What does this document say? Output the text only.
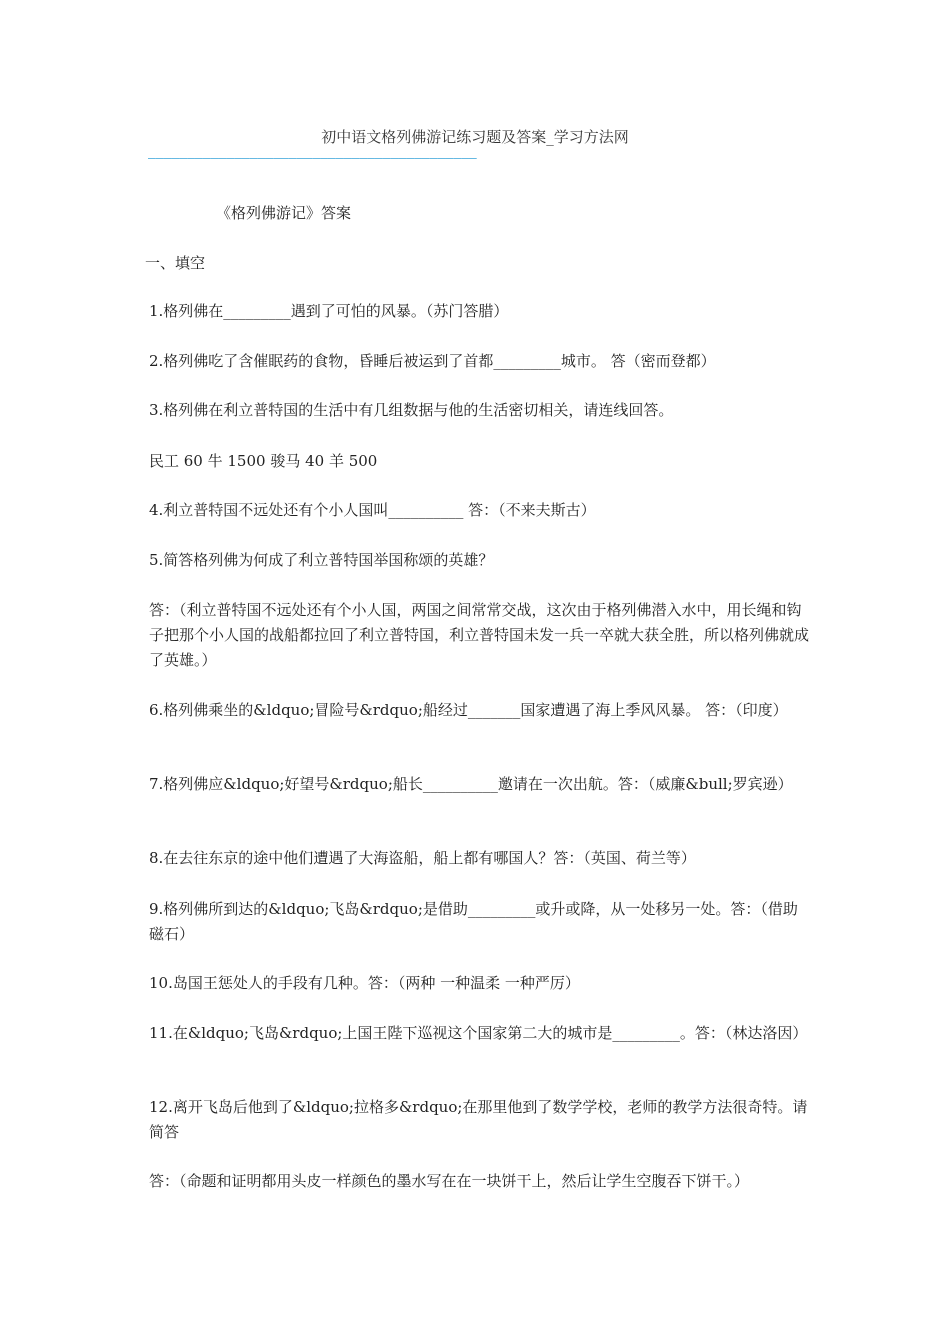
初中语文格列佛游记练习题及答案_学习方法网
——————————————————————————————————————————
《格列佛游记》答案
一、填空
1.格列佛在_________遇到了可怕的风暴。（苏门答腊）
2.格列佛吃了含催眠药的食物，昏睡后被运到了首都_________城市。 答（密而登都）
3.格列佛在利立普特国的生活中有几组数据与他的生活密切相关，请连线回答。
民工 60 牛 1500 骏马 40 羊 500
4.利立普特国不远处还有个小人国叫__________ 答：（不来夫斯古）
5.简答格列佛为何成了利立普特国举国称颂的英雄？
答：（利立普特国不远处还有个小人国，两国之间常常交战，这次由于格列佛潜入水中，用长绳和钩子把那个小人国的战船都拉回了利立普特国，利立普特国未发一兵一卒就大获全胜，所以格列佛就成了英雄。）
6.格列佛乘坐的&ldquo;冒险号&rdquo;船经过_______国家遭遇了海上季风风暴。 答：（印度）
7.格列佛应&ldquo;好望号&rdquo;船长__________邀请在一次出航。答：（威廉&bull;罗宾逊）
8.在去往东京的途中他们遭遇了大海盗船，船上都有哪国人？答：（英国、荷兰等）
9.格列佛所到达的&ldquo;飞岛&rdquo;是借助_________或升或降，从一处移另一处。答：（借助磁石）
10.岛国王惩处人的手段有几种。答：（两种 一种温柔 一种严厉）
11.在&ldquo;飞岛&rdquo;上国王陛下巡视这个国家第二大的城市是_________。答：（林达洛因）
12.离开飞岛后他到了&ldquo;拉格多&rdquo;在那里他到了数学学校，老师的教学方法很奇特。请简答
答：（命题和证明都用头皮一样颜色的墨水写在在一块饼干上，然后让学生空腹吞下饼干。）
